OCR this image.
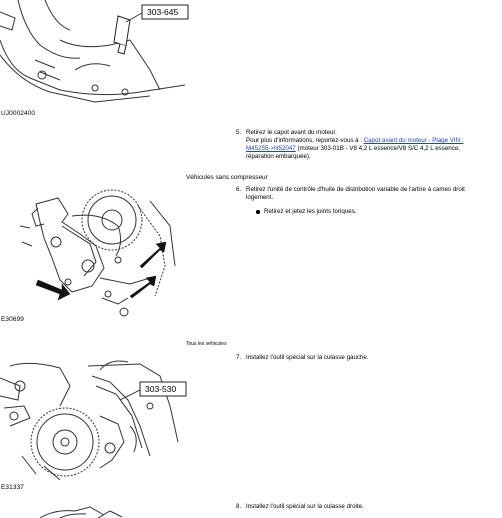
303-645
UJ0002400
5. Retirez le capot avant du moteur.
Pour plus d'informations, reportez-vous à : Capot avant du moteur - Plage VIN :
M45255->N52047 (moteur 303-01B - V8 4,2 L essence/V8 S/C 4,2 L essence,
réparation embarquée).
Véhicules sans compresseur
6. Retirez l'unité de contrôle d'huile de distribution variable de l'arbre à cames droit
logement.
Retirez et jetez les joints toriques.
E30699
Tous les véhicules
303-530
7. Installez l'outil spécial sur la culasse gauche.
E31337
8. Installez l'outil spécial sur la culasse droite.
